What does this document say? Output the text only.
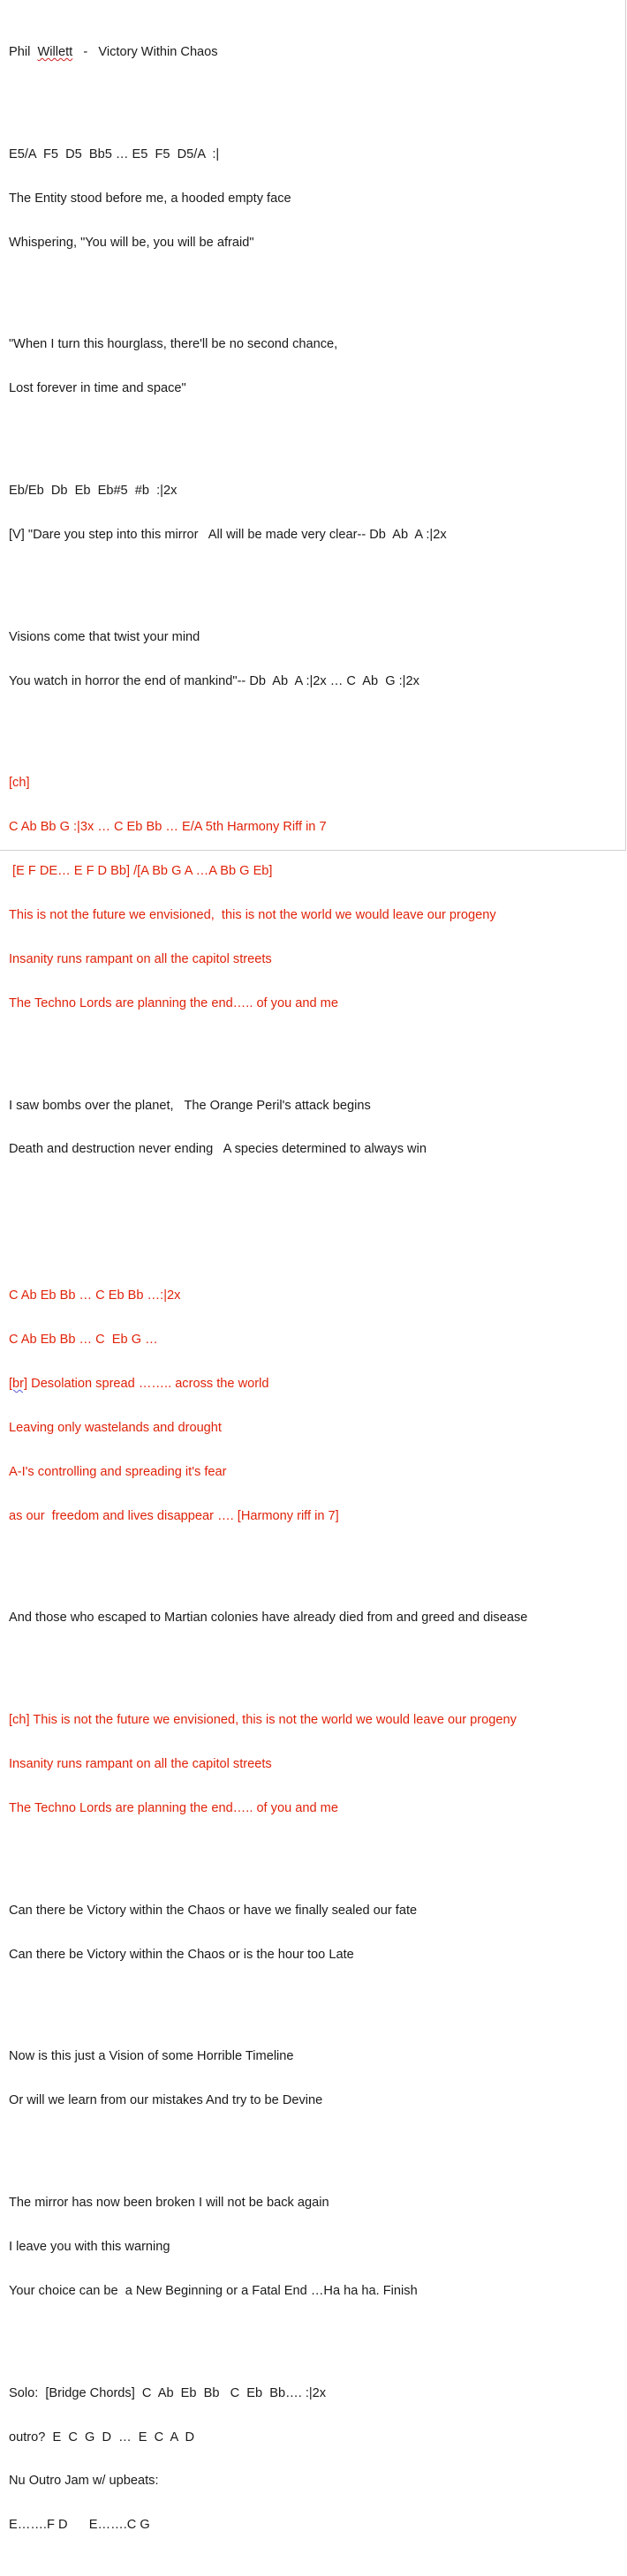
Phil Willett - Victory Within Chaos

E5/A  F5  D5  Bb5 … E5  F5  D5/A  :|

The Entity stood before me, a hooded empty face

Whispering, "You will be, you will be afraid"

"When I turn this hourglass, there'll be no second chance,

Lost forever in time and space"

Eb/Eb  Db  Eb  Eb#5  #b  :|2x

[V] "Dare you step into this mirror   All will be made very clear-- Db  Ab  A :|2x

Visions come that twist your mind

You watch in horror the end of mankind"-- Db  Ab  A :|2x … C  Ab  G :|2x

[ch]

C Ab Bb G :|3x … C Eb Bb … E/A 5th Harmony Riff in 7

[E F DE… E F D Bb] /[A Bb G A …A Bb G Eb]

This is not the future we envisioned,  this is not the world we would leave our progeny

Insanity runs rampant on all the capitol streets

The Techno Lords are planning the end….. of you and me

I saw bombs over the planet,   The Orange Peril's attack begins

Death and destruction never ending   A species determined to always win

C Ab Eb Bb … C Eb Bb …:|2x

C Ab Eb Bb … C  Eb G …

[br] Desolation spread …….. across the world

Leaving only wastelands and drought

A-I's controlling and spreading it's fear

as our  freedom and lives disappear …. [Harmony riff in 7]

And those who escaped to Martian colonies have already died from and greed and disease

[ch] This is not the future we envisioned, this is not the world we would leave our progeny

Insanity runs rampant on all the capitol streets

The Techno Lords are planning the end….. of you and me

Can there be Victory within the Chaos or have we finally sealed our fate

Can there be Victory within the Chaos or is the hour too Late

Now is this just a Vision of some Horrible Timeline

Or will we learn from our mistakes And try to be Devine

The mirror has now been broken I will not be back again

I leave you with this warning

Your choice can be  a New Beginning or a Fatal End …Ha ha ha. Finish

Solo:  [Bridge Chords]  C  Ab  Eb  Bb   C  Eb  Bb…. :|2x

outro?  E  C  G  D  …  E  C  A  D

Nu Outro Jam w/ upbeats:

E…….F D      E…….C G
